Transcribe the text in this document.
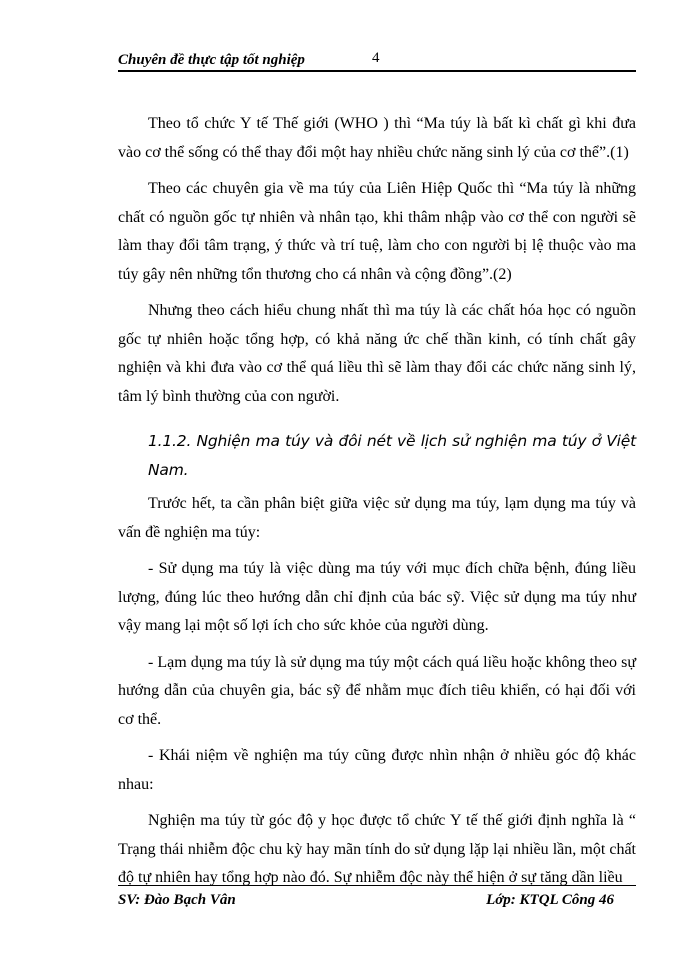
Chuyên đề thực tập tốt nghiệp	4

Theo tổ chức Y tế Thế giới (WHO ) thì “Ma túy là bất kì chất gì khi đưa vào cơ thể sống có thể thay đổi một hay nhiều chức năng sinh lý của cơ thể”.(1)

Theo các chuyên gia về ma túy của Liên Hiệp Quốc thì “Ma túy là những chất có nguồn gốc tự nhiên và nhân tạo, khi thâm nhập vào cơ thể con người sẽ làm thay đổi tâm trạng, ý thức và trí tuệ, làm cho con người bị lệ thuộc vào ma túy gây nên những tổn thương cho cá nhân và cộng đồng”.(2)

Nhưng theo cách hiểu chung nhất thì ma túy là các chất hóa học có nguồn gốc tự nhiên hoặc tổng hợp, có khả năng ức chế thần kinh, có tính chất gây nghiện và khi đưa vào cơ thể quá liều thì sẽ làm thay đổi các chức năng sinh lý, tâm lý bình thường của con người.

1.1.2. Nghiện ma túy và đôi nét về lịch sử nghiện ma túy ở Việt Nam.

Trước hết, ta cần phân biệt giữa việc sử dụng ma túy, lạm dụng ma túy và vấn đề nghiện ma túy:

- Sử dụng ma túy là việc dùng ma túy với mục đích chữa bệnh, đúng liều lượng, đúng lúc theo hướng dẫn chỉ định của bác sỹ. Việc sử dụng ma túy như vậy mang lại một số lợi ích cho sức khỏe của người dùng.

- Lạm dụng ma túy là sử dụng ma túy một cách quá liều hoặc không theo sự hướng dẫn của chuyên gia, bác sỹ để nhằm mục đích tiêu khiển, có hại đối với cơ thể.

- Khái niệm về nghiện ma túy cũng được nhìn nhận ở nhiều góc độ khác nhau:

Nghiện ma túy từ góc độ y học được tổ chức Y tế thế giới định nghĩa là “ Trạng thái nhiễm độc chu kỳ hay mãn tính do sử dụng lặp lại nhiều lần, một chất độ tự nhiên hay tổng hợp nào đó. Sự nhiễm độc này thể hiện ở sự tăng dần liều

SV: Đào Bạch Vân	Lớp: KTQL Công 46
